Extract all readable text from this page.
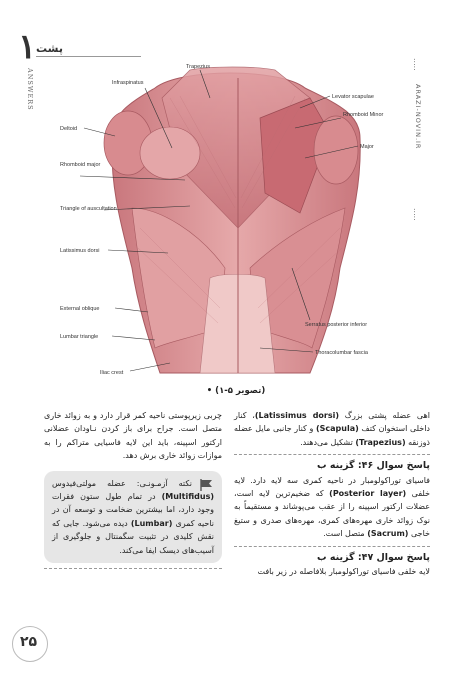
۱ پشت
ANSWERS
.....
ARAZI-NOVIN.IR
.....
Trapezius
Infraspinatus
Levator scapulae
Rhomboid Minor
Deltoid
Major
Rhomboid major
Triangle of auscultation
Latissimus dorsi
External oblique
Lumbar triangle
Serratus posterior inferior
Thoracolumbar fascia
Iliac crest
• (تصویر ۵-۱)
اهی عضله پشتی بزرگ (Latissimus dorsi)، کنار داخلی استخوان کتف (Scapula) و کنار جانبی مایل عضله ذوزنقه (Trapezius) تشکیل می‌دهند.
پاسخ سوال ۴۶: گزینه ب
فاسیای توراکولومبار در ناحیه کمری سه لایه دارد. لایه خلفی (Posterior layer) که ضخیم‌ترین لایه است، عضلات ارکتور اسپینه را از عقب می‌پوشاند و مستقیماً به نوک زوائد خاری مهره‌های کمری، مهره‌های صدری و ستیغ خاجی (Sacrum) متصل است.
پاسخ سوال ۴۷: گزینه ب
لایه خلفی فاسیای توراکولومبار بلافاصله در زیر بافت
چربی زیرپوستی ناحیه کمر قرار دارد و به زوائد خاری متصل است. جراح برای باز کردن نـاودان عضلانی ارکتور اسپینه، باید این لایه فاسیایی متراکم را به موازات زوائد خاری برش دهد.
نکته آزمـونـی: عضله مولتی‌فیدوس (Multifidus) در تمام طول ستون فقرات وجود دارد، اما بیشترین ضخامت و توسعه آن در ناحیه کمری (Lumbar) دیده می‌شود. جایی که نقش کلیدی در تثبیت سگمنتال و جلوگیری از آسیب‌های دیسک ایفا می‌کند.
۲۵
